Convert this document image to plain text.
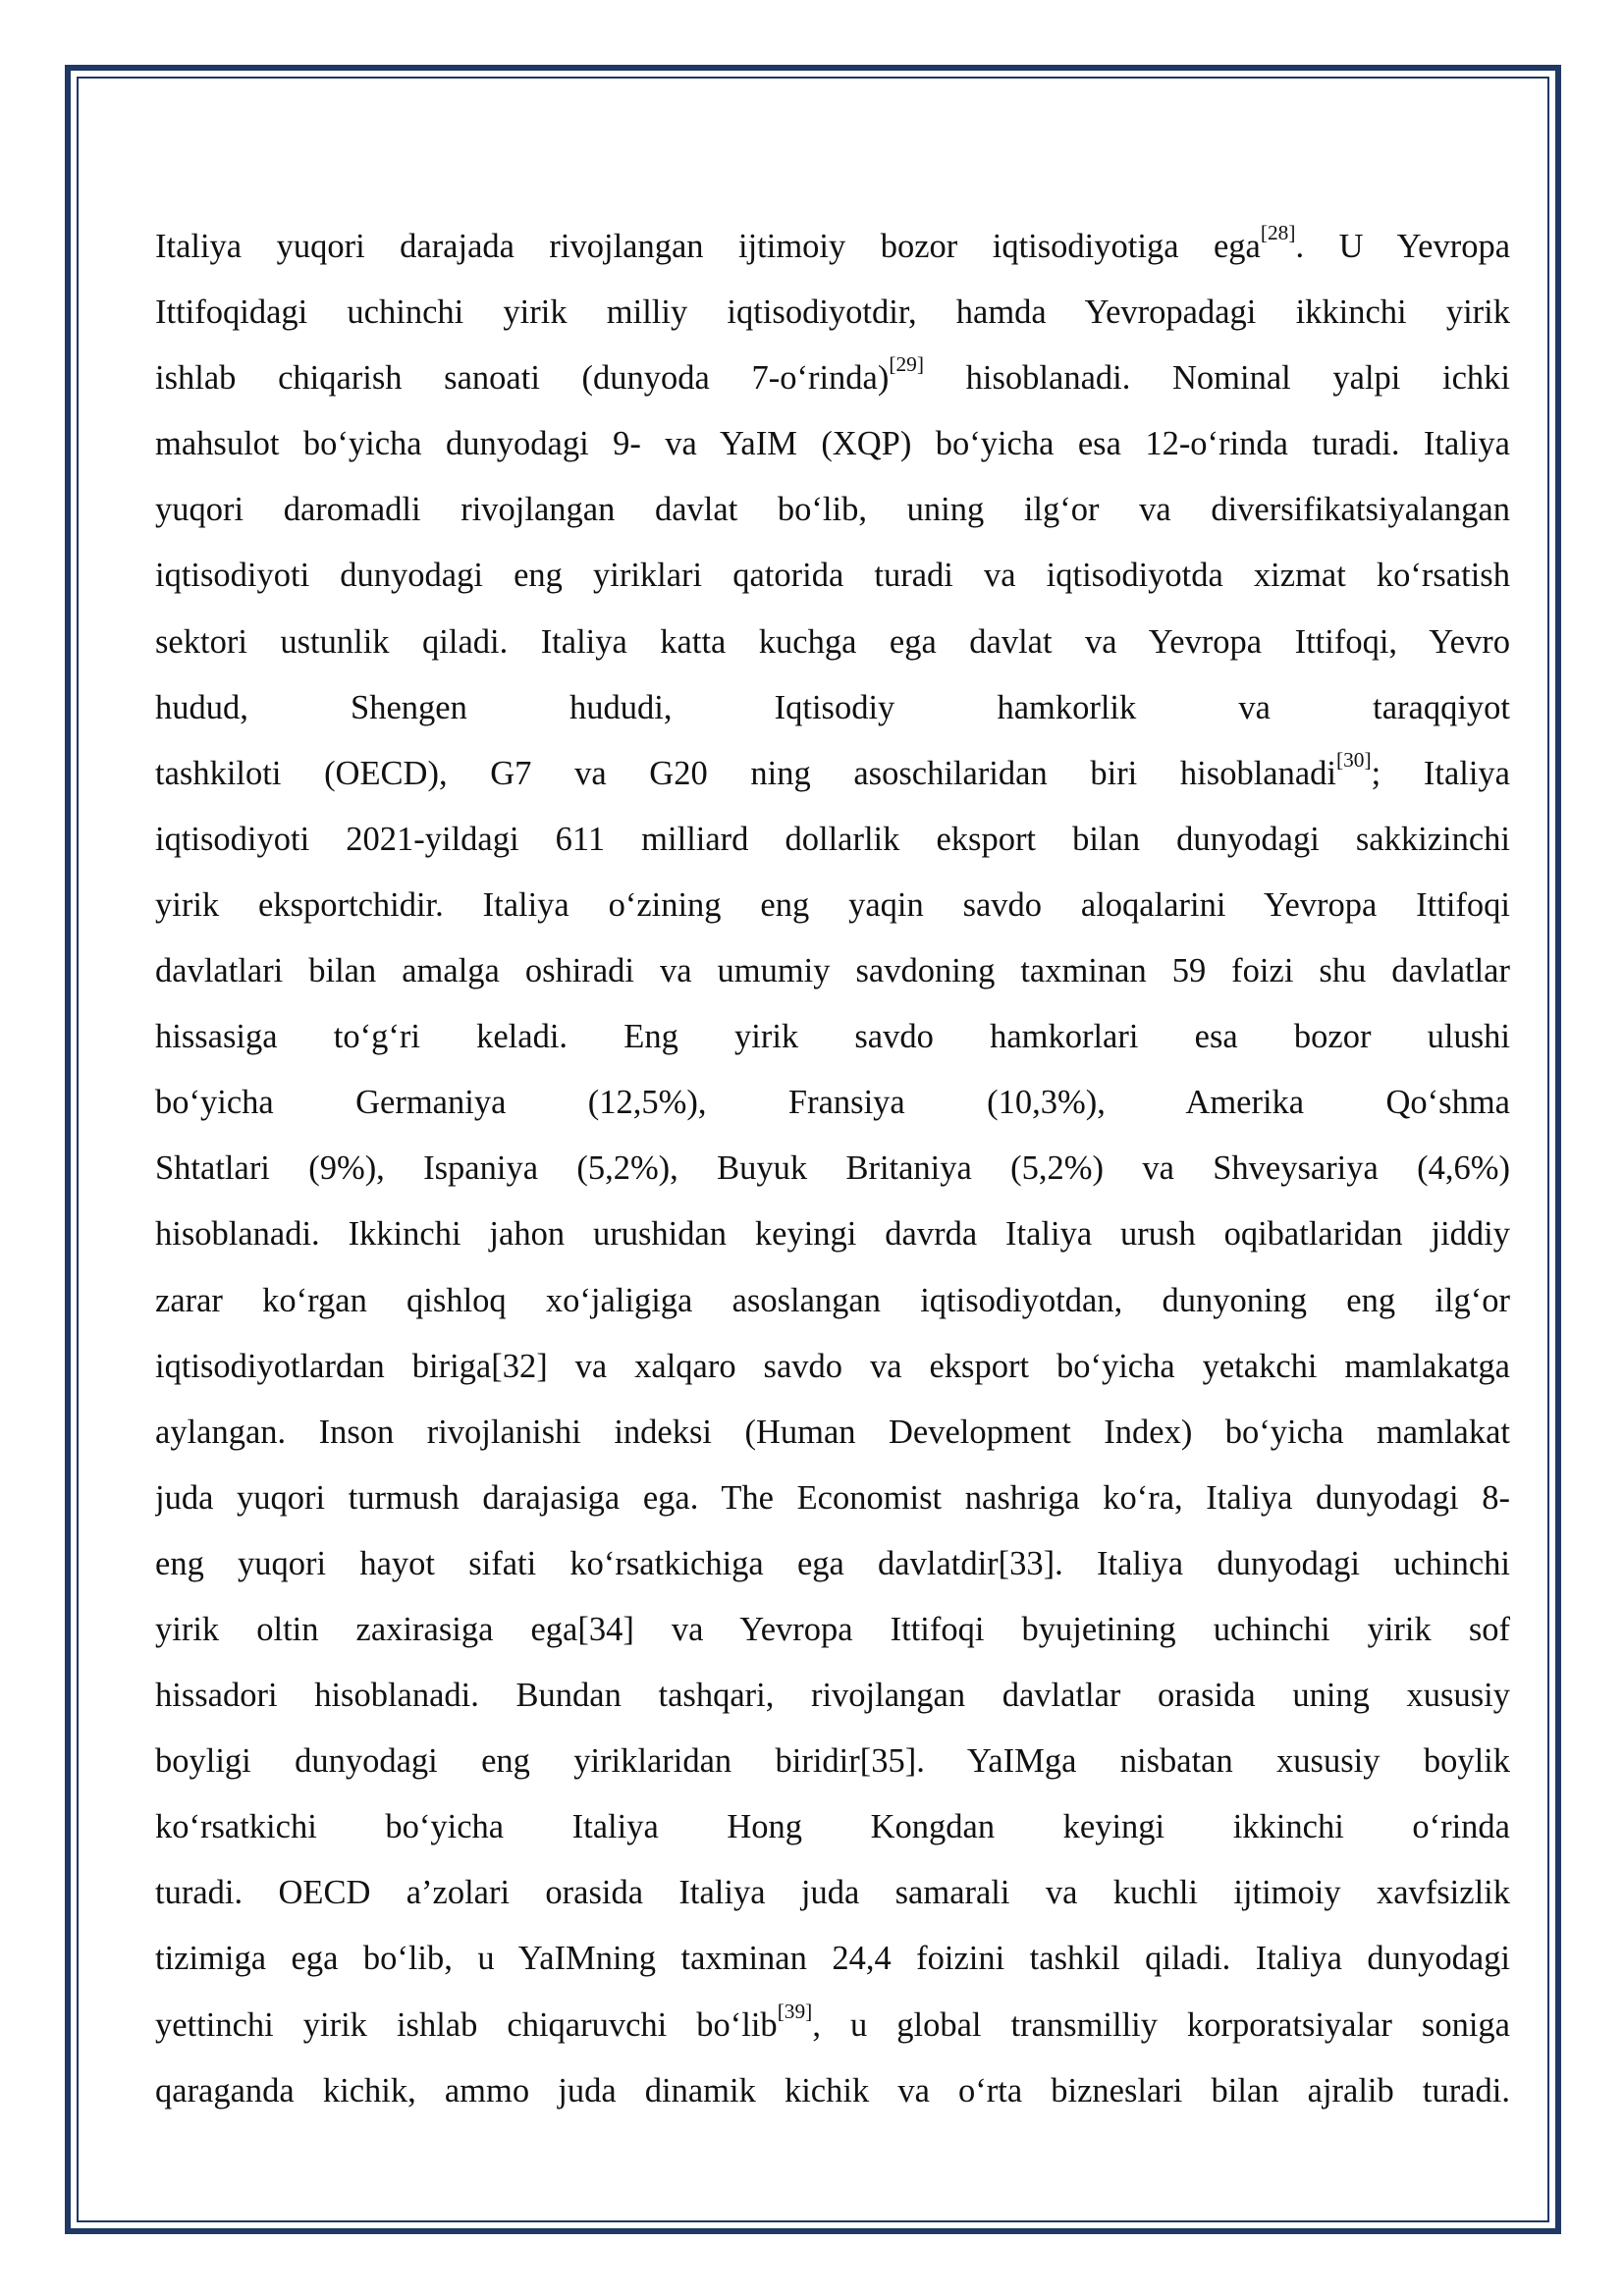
Italiya yuqori darajada rivojlangan ijtimoiy bozor iqtisodiyotiga ega[28]. U Yevropa
Ittifoqidagi uchinchi yirik milliy iqtisodiyotdir, hamda Yevropadagi ikkinchi yirik
ishlab chiqarish sanoati (dunyoda 7-o‘rinda)[29] hisoblanadi. Nominal yalpi ichki
mahsulot bo‘yicha dunyodagi 9- va YaIM (XQP) bo‘yicha esa 12-o‘rinda turadi. Italiya
yuqori daromadli rivojlangan davlat bo‘lib, uning ilg‘or va diversifikatsiyalangan
iqtisodiyoti dunyodagi eng yiriklari qatorida turadi va iqtisodiyotda xizmat ko‘rsatish
sektori ustunlik qiladi. Italiya katta kuchga ega davlat va Yevropa Ittifoqi, Yevro
hudud, Shengen hududi, Iqtisodiy hamkorlik va taraqqiyot
tashkiloti (OECD), G7 va G20 ning asoschilaridan biri hisoblanadi[30]; Italiya
iqtisodiyoti 2021-yildagi 611 milliard dollarlik eksport bilan dunyodagi sakkizinchi
yirik eksportchidir. Italiya o‘zining eng yaqin savdo aloqalarini Yevropa Ittifoqi
davlatlari bilan amalga oshiradi va umumiy savdoning taxminan 59 foizi shu davlatlar
hissasiga to‘g‘ri keladi. Eng yirik savdo hamkorlari esa bozor ulushi
bo‘yicha Germaniya (12,5%), Fransiya (10,3%), Amerika Qo‘shma
Shtatlari (9%), Ispaniya (5,2%), Buyuk Britaniya (5,2%) va Shveysariya (4,6%)
hisoblanadi. Ikkinchi jahon urushidan keyingi davrda Italiya urush oqibatlaridan jiddiy
zarar ko‘rgan qishloq xo‘jaligiga asoslangan iqtisodiyotdan, dunyoning eng ilg‘or
iqtisodiyotlardan biriga[32] va xalqaro savdo va eksport bo‘yicha yetakchi mamlakatga
aylangan. Inson rivojlanishi indeksi (Human Development Index) bo‘yicha mamlakat
juda yuqori turmush darajasiga ega. The Economist nashriga ko‘ra, Italiya dunyodagi 8-
eng yuqori hayot sifati ko‘rsatkichiga ega davlatdir[33]. Italiya dunyodagi uchinchi
yirik oltin zaxirasiga ega[34] va Yevropa Ittifoqi byujetining uchinchi yirik sof
hissadori hisoblanadi. Bundan tashqari, rivojlangan davlatlar orasida uning xususiy
boyligi dunyodagi eng yiriklaridan biridir[35]. YaIMga nisbatan xususiy boylik
ko‘rsatkichi bo‘yicha Italiya Hong Kongdan keyingi ikkinchi o‘rinda
turadi. OECD a’zolari orasida Italiya juda samarali va kuchli ijtimoiy xavfsizlik
tizimiga ega bo‘lib, u YaIMning taxminan 24,4 foizini tashkil qiladi. Italiya dunyodagi
yettinchi yirik ishlab chiqaruvchi bo‘lib[39], u global transmilliy korporatsiyalar soniga
qaraganda kichik, ammo juda dinamik kichik va o‘rta bizneslari bilan ajralib turadi.
